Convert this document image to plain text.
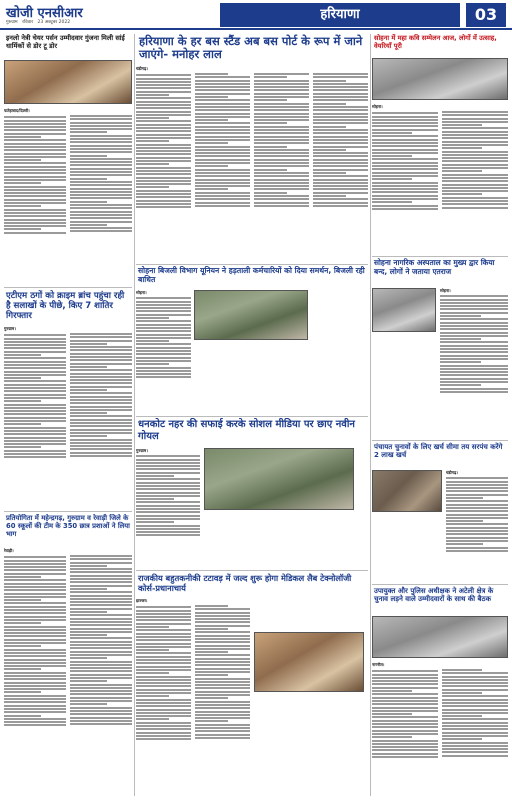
खोजी एनसीआर
गुरुग्राम रविवार 23 अक्टूबर 2022
हरियाणा	03
इनलो नेत्री चेयर पर्सन उम्मीदवार गुंजना मिली सांई धार्मिकों से डोर टू डोर
फतेहाबाद/दिल्ली।
हरियाणा के हर बस स्टैंड अब बस पोर्ट के रूप में जाने जाएंगे- मनोहर लाल
चंडीगढ़।
सोहना में महा कवि सम्मेलन आज, लोगों में उत्साह, वेयरियाँ पूरी
सोहना।
सोहना बिजली विभाग यूनियन ने हड़ताली कर्मचारियों को दिया समर्थन, बिजली रही बाधित
सोहना।
सोहना नागरिक अस्पताल का मुख्य द्वार किया बन्द, लोगों ने जताया एतराज
सोहना।
एटीएम ठगों को क्राइम ब्रांच पहुंचा रही है सलाखों के पीछे, किए 7 शातिर गिरफ्तार
गुरुग्राम।
धनकोट नहर की सफाई करके सोशल मीडिया पर छाए नवीन गोयल
गुरुग्राम।	पंचायत चुनावों के लिए खर्च सीमा तय सरपंच करेंगे 2 लाख खर्च
चंडीगढ़।
प्रतियोगिता में महेन्द्रगढ़, गुरुग्राम व रेवाड़ी जिले के 60 स्कूलों की टीम के 350 छात्र प्रशाओं ने लिया भाग
रेवाड़ी।
राजकीय बहुतकनीकी टटावड़ में जल्द शुरू होगा मेडिकल लैब टेक्नोलॉजी कोर्स-प्रधानाचार्य
झज्जर।
उपायुक्त और पुलिस अधीक्षक ने अटेली क्षेत्र के चुनाव लड़ने वाले उम्मीदवारों के साथ की बैठक
नारनौल।
